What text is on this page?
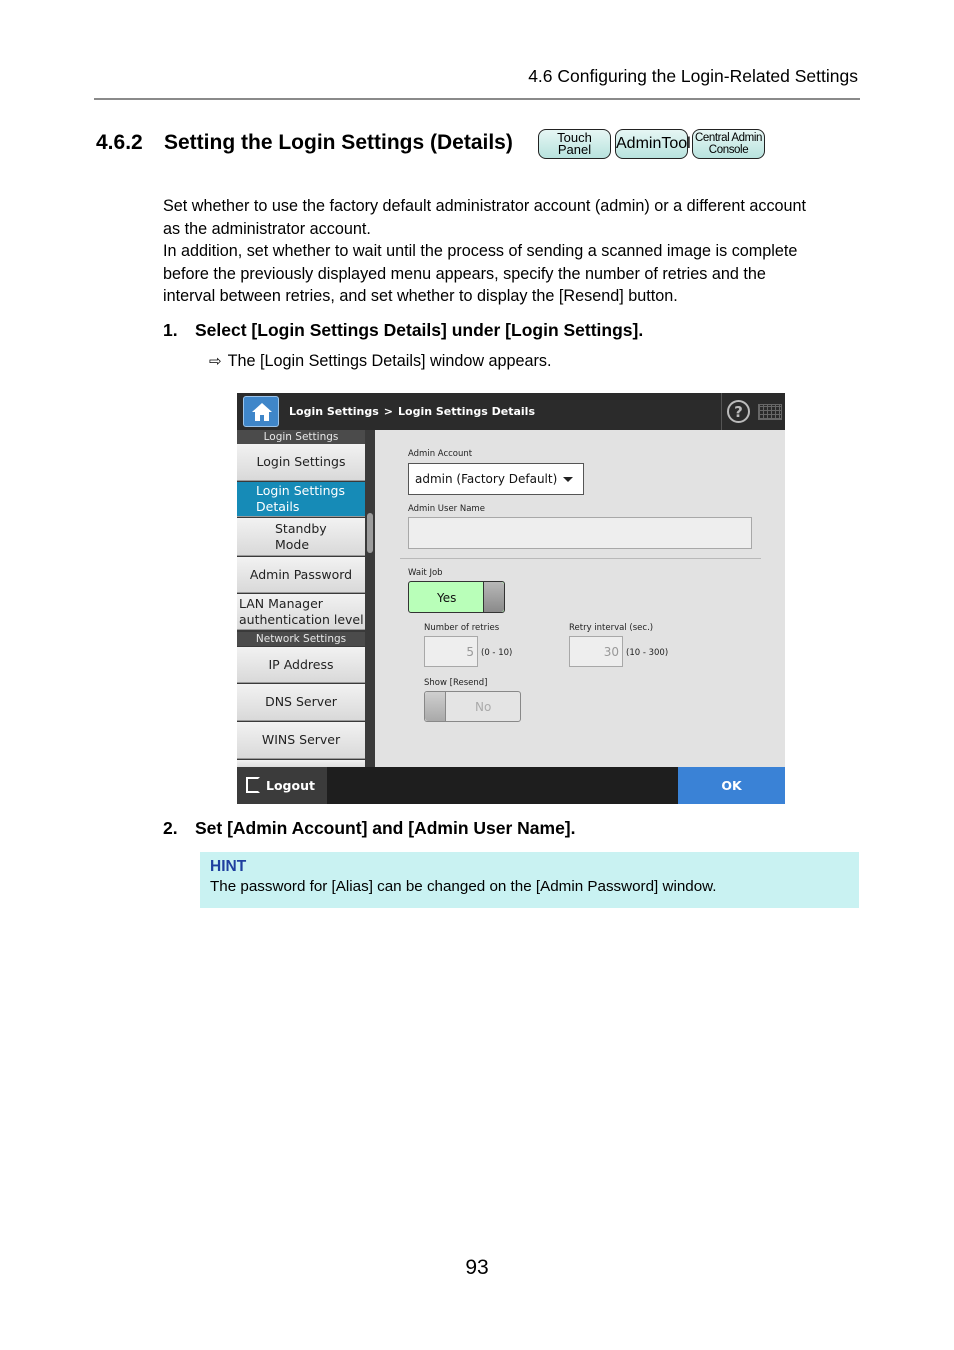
4.6 Configuring the Login-Related Settings
4.6.2 Setting the Login Settings (Details)	Touch
Panel	AdminTool Central Admin
Console
Set whether to use the factory default administrator account (admin) or a different account
as the administrator account.
In addition, set whether to wait until the process of sending a scanned image is complete
before the previously displayed menu appears, specify the number of retries and the
interval between retries, and set whether to display the [Resend] button.
1. Select [Login Settings Details] under [Login Settings].
⇨ The [Login Settings Details] window appears.
Login Settings > Login Settings Details	?
Login Settings
Login Settings
Login Settings
Details
Standby
Mode
Admin Password
LAN Manager
authentication level
Network Settings
IP Address
DNS Server
WINS Server
Admin Account
admin (Factory Default)
Admin User Name
Wait Job
Yes
Number of retries
5 (0 - 10)
Retry interval (sec.)
30 (10 - 300)
Show [Resend]
No
Logout	OK
2. Set [Admin Account] and [Admin User Name].
HINT
The password for [Alias] can be changed on the [Admin Password] window.
93
